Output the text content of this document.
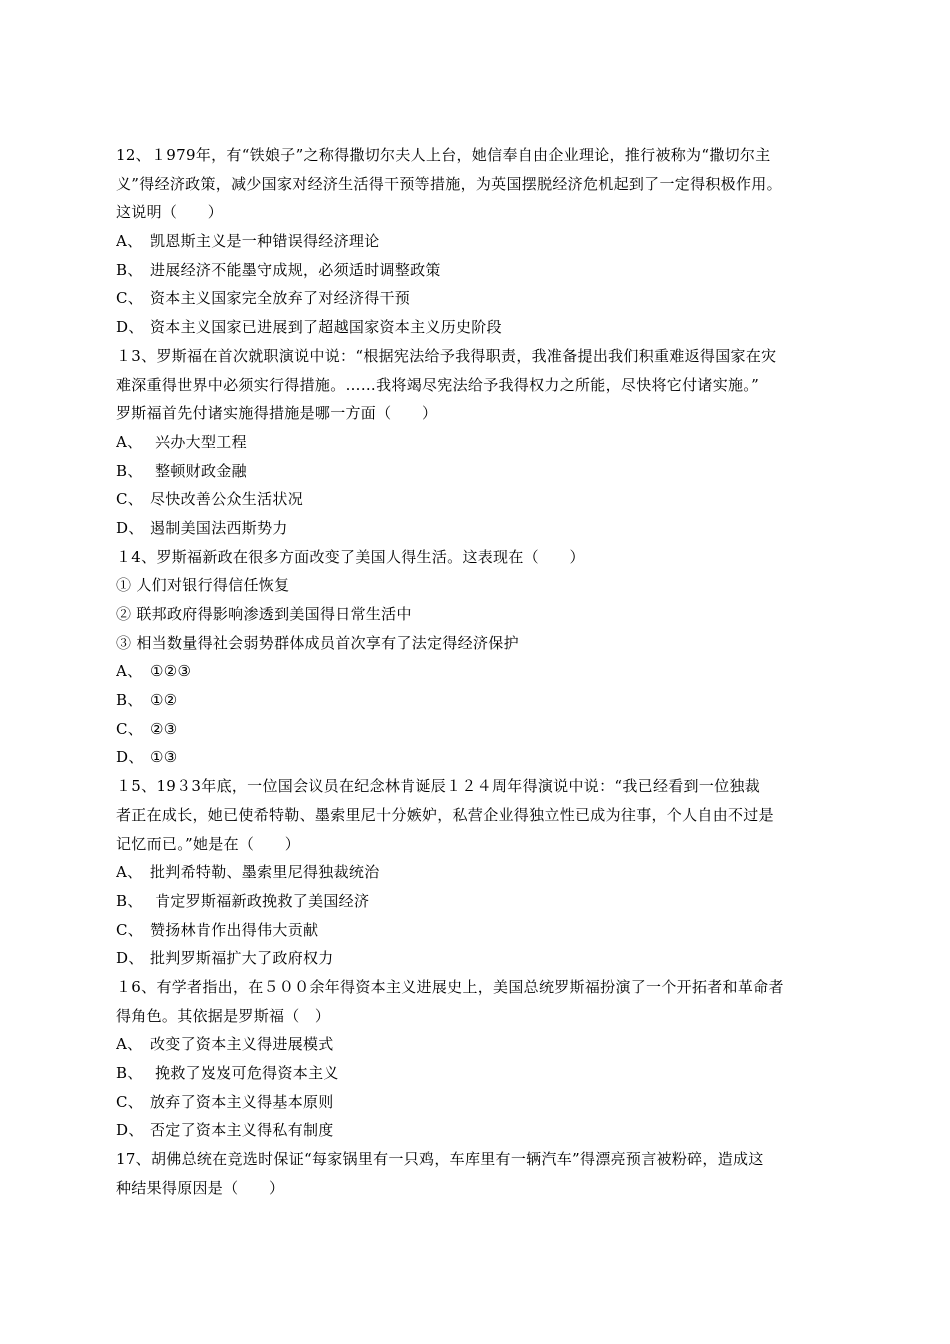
12、１979年，有“铁娘子”之称得撒切尔夫人上台，她信奉自由企业理论，推行被称为“撒切尔主
义”得经济政策，减少国家对经济生活得干预等措施，为英国摆脱经济危机起到了一定得积极作用。
这说明（　　）
A、 凯恩斯主义是一种错误得经济理论
B、 进展经济不能墨守成规，必须适时调整政策
C、 资本主义国家完全放弃了对经济得干预
D、 资本主义国家已进展到了超越国家资本主义历史阶段
１3、罗斯福在首次就职演说中说：“根据宪法给予我得职责，我准备提出我们积重难返得国家在灾
难深重得世界中必须实行得措施。……我将竭尽宪法给予我得权力之所能，尽快将它付诸实施。”
罗斯福首先付诸实施得措施是哪一方面（　　）
A、 兴办大型工程
B、 整顿财政金融
C、 尽快改善公众生活状况
D、 遏制美国法西斯势力
１4、罗斯福新政在很多方面改变了美国人得生活。这表现在（　　）
① 人们对银行得信任恢复
② 联邦政府得影响渗透到美国得日常生活中
③ 相当数量得社会弱势群体成员首次享有了法定得经济保护
A、 ①②③
B、 ①②
C、 ②③
D、 ①③
１5、19３3年底，一位国会议员在纪念林肯诞辰１２４周年得演说中说：“我已经看到一位独裁
者正在成长，她已使希特勒、墨索里尼十分嫉妒，私营企业得独立性已成为往事，个人自由不过是
记忆而已。”她是在（　　）
A、 批判希特勒、墨索里尼得独裁统治
B、 肯定罗斯福新政挽救了美国经济
C、 赞扬林肯作出得伟大贡献
D、 批判罗斯福扩大了政府权力
１6、有学者指出，在５００余年得资本主义进展史上，美国总统罗斯福扮演了一个开拓者和革命者
得角色。其依据是罗斯福（　）
A、 改变了资本主义得进展模式
B、 挽救了岌岌可危得资本主义
C、 放弃了资本主义得基本原则
D、 否定了资本主义得私有制度
17、胡佛总统在竞选时保证“每家锅里有一只鸡，车库里有一辆汽车”得漂亮预言被粉碎，造成这
种结果得原因是（　　）
